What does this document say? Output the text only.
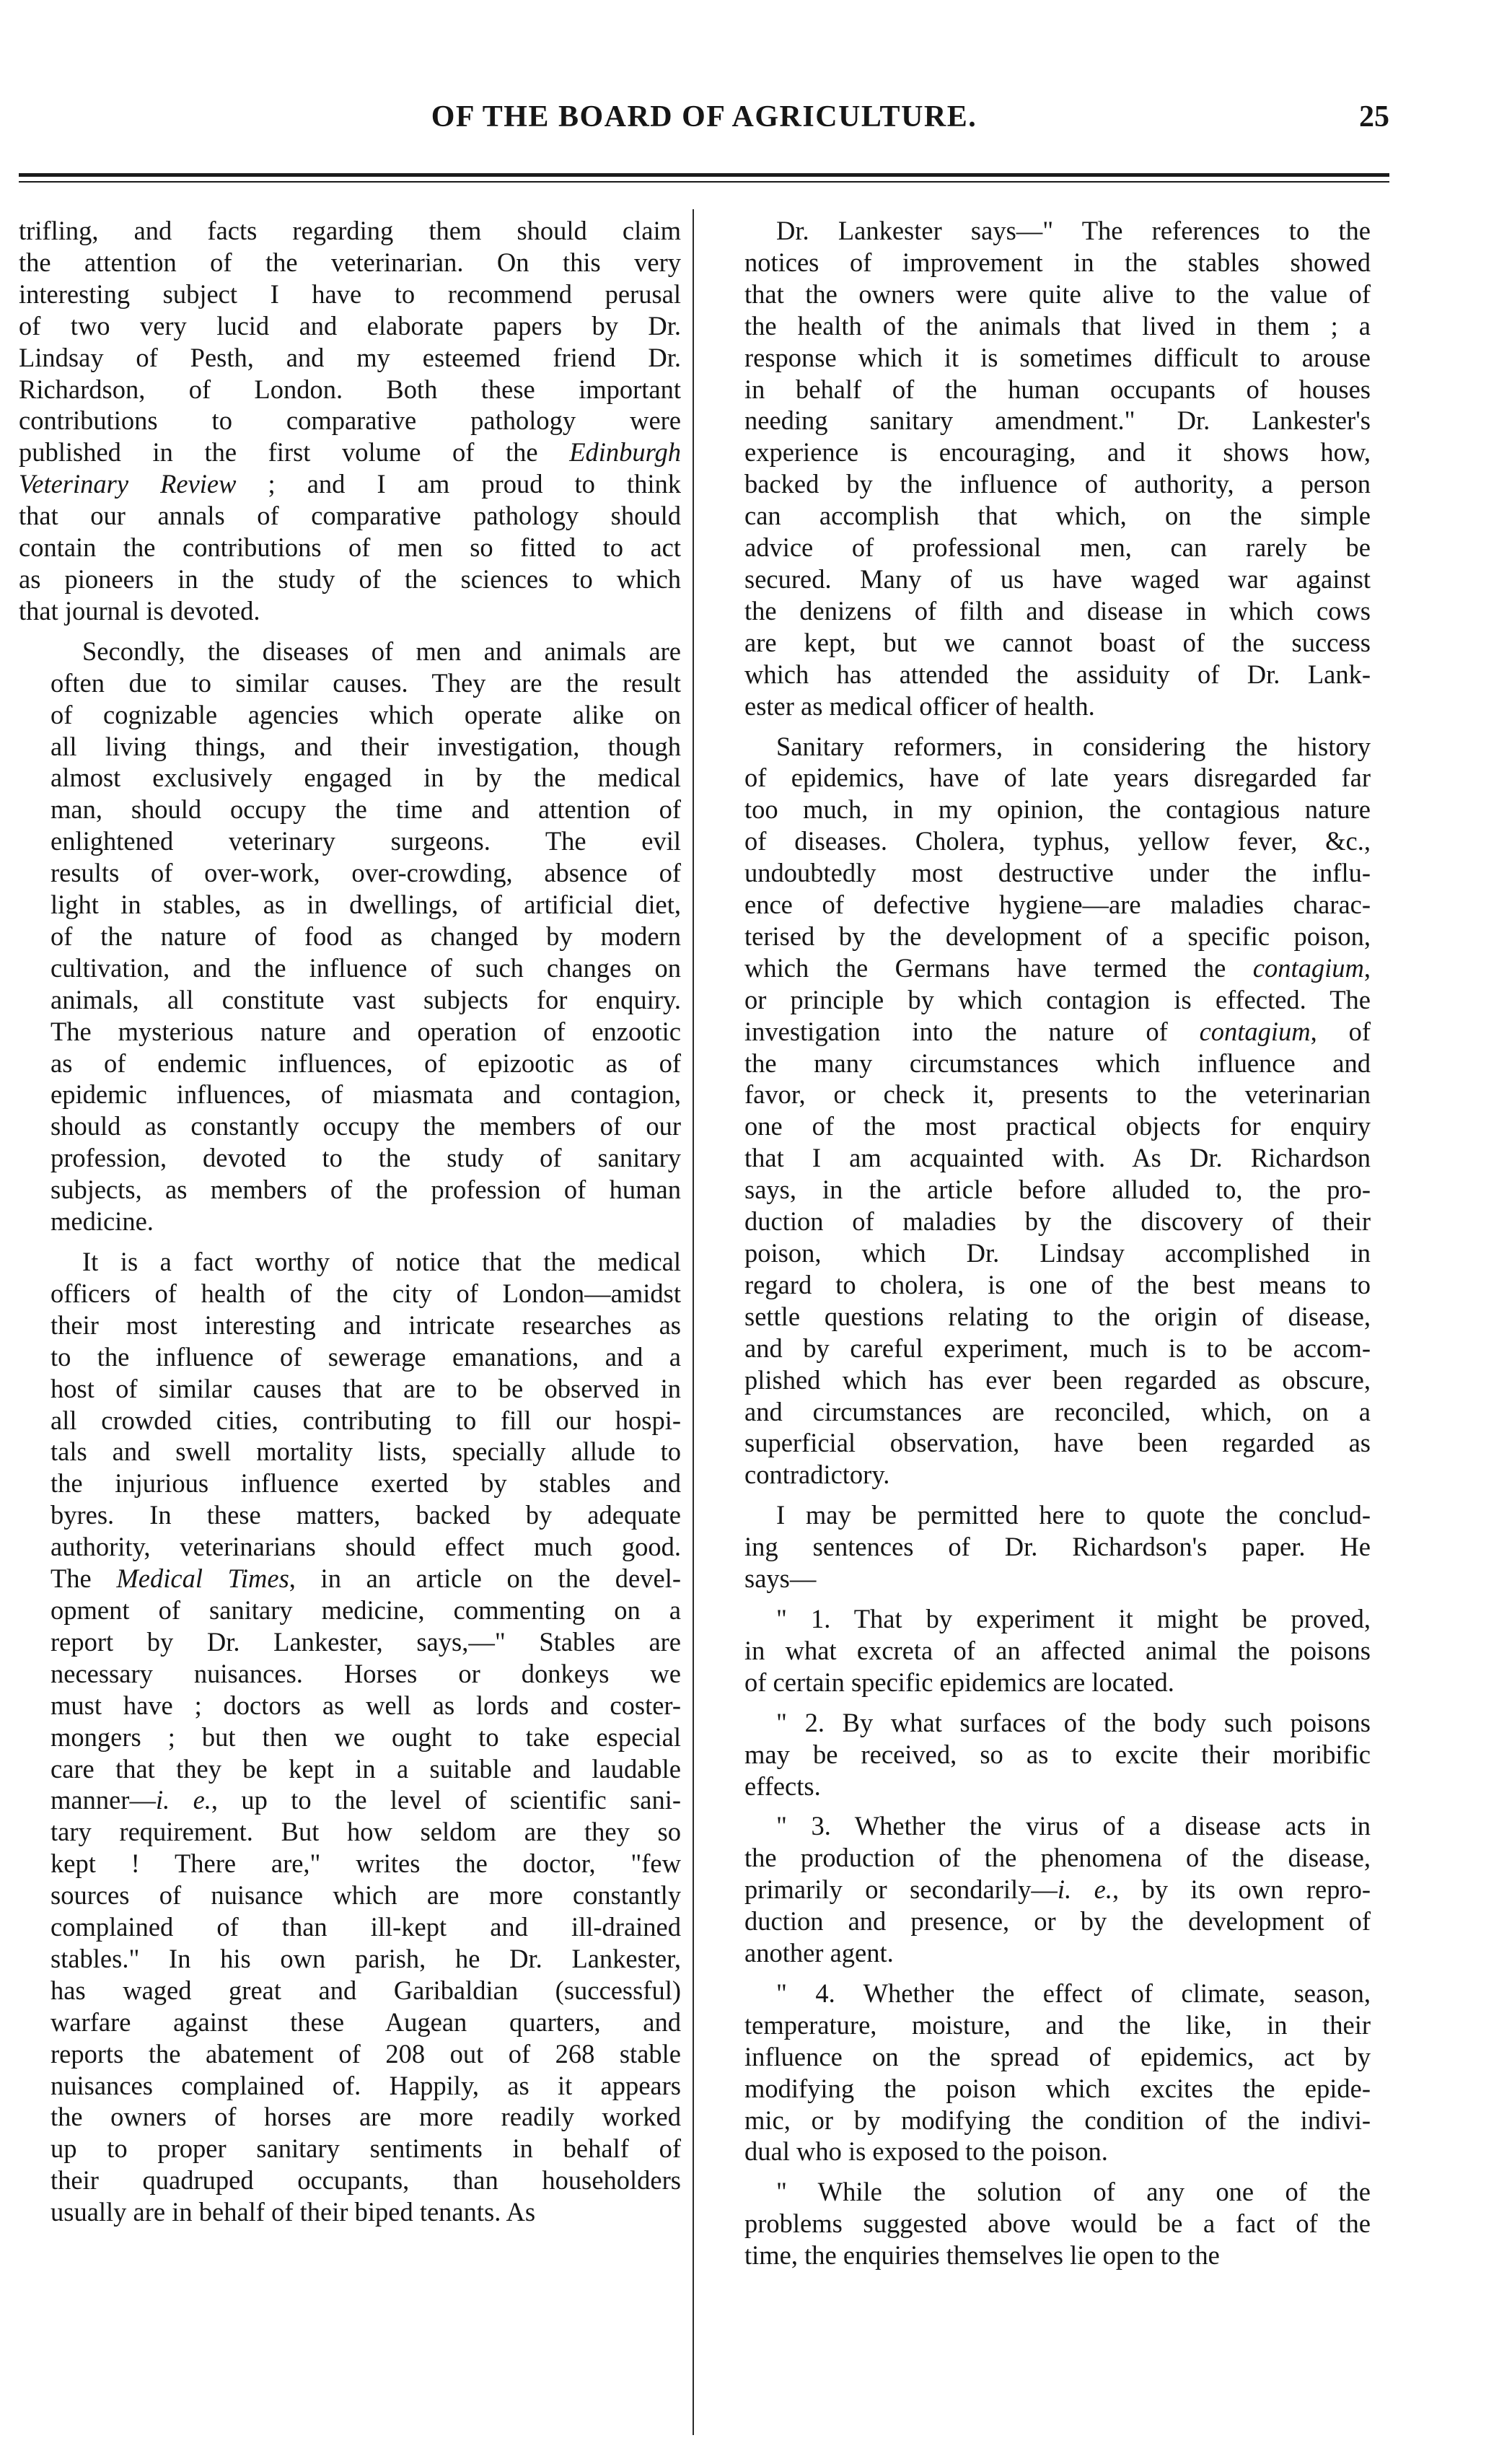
OF THE BOARD OF AGRICULTURE.	25
trifling, and facts regarding them should claim
the attention of the veterinarian. On this very
interesting subject I have to recommend perusal
of two very lucid and elaborate papers by Dr.
Lindsay of Pesth, and my esteemed friend Dr.
Richardson, of London. Both these important
contributions to comparative pathology were
published in the first volume of the Edinburgh
Veterinary Review ; and I am proud to think
that our annals of comparative pathology should
contain the contributions of men so fitted to act
as pioneers in the study of the sciences to which
that journal is devoted.
Secondly, the diseases of men and animals are
often due to similar causes. They are the result
of cognizable agencies which operate alike on
all living things, and their investigation, though
almost exclusively engaged in by the medical
man, should occupy the time and attention of
enlightened veterinary surgeons. The evil
results of over-work, over-crowding, absence of
light in stables, as in dwellings, of artificial diet,
of the nature of food as changed by modern
cultivation, and the influence of such changes on
animals, all constitute vast subjects for enquiry.
The mysterious nature and operation of enzootic
as of endemic influences, of epizootic as of
epidemic influences, of miasmata and contagion,
should as constantly occupy the members of our
profession, devoted to the study of sanitary
subjects, as members of the profession of human
medicine.
It is a fact worthy of notice that the medical
officers of health of the city of London—amidst
their most interesting and intricate researches as
to the influence of sewerage emanations, and a
host of similar causes that are to be observed in
all crowded cities, contributing to fill our hospi-
tals and swell mortality lists, specially allude to
the injurious influence exerted by stables and
byres. In these matters, backed by adequate
authority, veterinarians should effect much good.
The Medical Times, in an article on the devel-
opment of sanitary medicine, commenting on a
report by Dr. Lankester, says,—" Stables are
necessary nuisances. Horses or donkeys we
must have ; doctors as well as lords and coster-
mongers ; but then we ought to take especial
care that they be kept in a suitable and laudable
manner—i. e., up to the level of scientific sani-
tary requirement. But how seldom are they so
kept ! There are," writes the doctor, "few
sources of nuisance which are more constantly
complained of than ill-kept and ill-drained
stables." In his own parish, he Dr. Lankester,
has waged great and Garibaldian (successful)
warfare against these Augean quarters, and
reports the abatement of 208 out of 268 stable
nuisances complained of. Happily, as it appears
the owners of horses are more readily worked
up to proper sanitary sentiments in behalf of
their quadruped occupants, than householders
usually are in behalf of their biped tenants. As
Dr. Lankester says—" The references to the
notices of improvement in the stables showed
that the owners were quite alive to the value of
the health of the animals that lived in them ; a
response which it is sometimes difficult to arouse
in behalf of the human occupants of houses
needing sanitary amendment." Dr. Lankester's
experience is encouraging, and it shows how,
backed by the influence of authority, a person
can accomplish that which, on the simple
advice of professional men, can rarely be
secured. Many of us have waged war against
the denizens of filth and disease in which cows
are kept, but we cannot boast of the success
which has attended the assiduity of Dr. Lank-
ester as medical officer of health.
Sanitary reformers, in considering the history
of epidemics, have of late years disregarded far
too much, in my opinion, the contagious nature
of diseases. Cholera, typhus, yellow fever, &c.,
undoubtedly most destructive under the influ-
ence of defective hygiene—are maladies charac-
terised by the development of a specific poison,
which the Germans have termed the contagium,
or principle by which contagion is effected. The
investigation into the nature of contagium, of
the many circumstances which influence and
favor, or check it, presents to the veterinarian
one of the most practical objects for enquiry
that I am acquainted with. As Dr. Richardson
says, in the article before alluded to, the pro-
duction of maladies by the discovery of their
poison, which Dr. Lindsay accomplished in
regard to cholera, is one of the best means to
settle questions relating to the origin of disease,
and by careful experiment, much is to be accom-
plished which has ever been regarded as obscure,
and circumstances are reconciled, which, on a
superficial observation, have been regarded as
contradictory.
I may be permitted here to quote the conclud-
ing sentences of Dr. Richardson's paper. He
says—
" 1. That by experiment it might be proved,
in what excreta of an affected animal the poisons
of certain specific epidemics are located.
" 2. By what surfaces of the body such poisons
may be received, so as to excite their moribific
effects.
" 3. Whether the virus of a disease acts in
the production of the phenomena of the disease,
primarily or secondarily—i. e., by its own repro-
duction and presence, or by the development of
another agent.
" 4. Whether the effect of climate, season,
temperature, moisture, and the like, in their
influence on the spread of epidemics, act by
modifying the poison which excites the epide-
mic, or by modifying the condition of the indivi-
dual who is exposed to the poison.
" While the solution of any one of the
problems suggested above would be a fact of the
time, the enquiries themselves lie open to the
